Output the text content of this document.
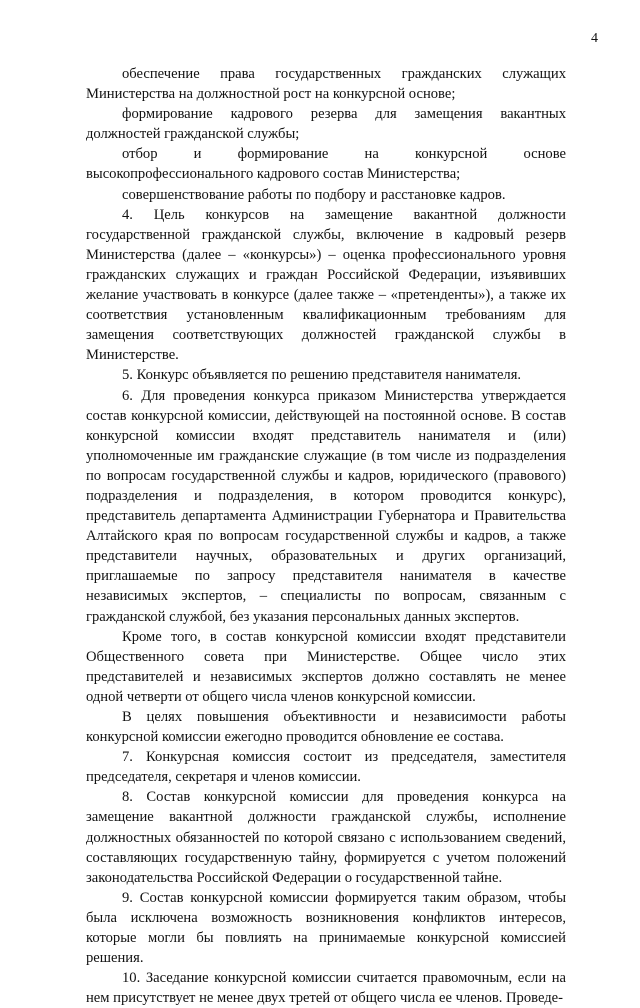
4

обеспечение права государственных гражданских служащих Министерства на должностной рост на конкурсной основе;

формирование кадрового резерва для замещения вакантных должностей гражданской службы;

отбор и формирование на конкурсной основе высокопрофессионального кадрового состав Министерства;

совершенствование работы по подбору и расстановке кадров.

4. Цель конкурсов на замещение вакантной должности государственной гражданской службы, включение в кадровый резерв Министерства (далее – «конкурсы») – оценка профессионального уровня гражданских служащих и граждан Российской Федерации, изъявивших желание участвовать в конкурсе (далее также – «претенденты»), а также их соответствия установленным квалификационным требованиям для замещения соответствующих должностей гражданской службы в Министерстве.

5. Конкурс объявляется по решению представителя нанимателя.

6. Для проведения конкурса приказом Министерства утверждается состав конкурсной комиссии, действующей на постоянной основе. В состав конкурсной комиссии входят представитель нанимателя и (или) уполномоченные им гражданские служащие (в том числе из подразделения по вопросам государственной службы и кадров, юридического (правового) подразделения и подразделения, в котором проводится конкурс), представитель департамента Администрации Губернатора и Правительства Алтайского края по вопросам государственной службы и кадров, а также представители научных, образовательных и других организаций, приглашаемые по запросу представителя нанимателя в качестве независимых экспертов, – специалисты по вопросам, связанным с гражданской службой, без указания персональных данных экспертов.

Кроме того, в состав конкурсной комиссии входят представители Общественного совета при Министерстве. Общее число этих представителей и независимых экспертов должно составлять не менее одной четверти от общего числа членов конкурсной комиссии.

В целях повышения объективности и независимости работы конкурсной комиссии ежегодно проводится обновление ее состава.

7. Конкурсная комиссия состоит из председателя, заместителя председателя, секретаря и членов комиссии.

8. Состав конкурсной комиссии для проведения конкурса на замещение вакантной должности гражданской службы, исполнение должностных обязанностей по которой связано с использованием сведений, составляющих государственную тайну, формируется с учетом положений законодательства Российской Федерации о государственной тайне.

9. Состав конкурсной комиссии формируется таким образом, чтобы была исключена возможность возникновения конфликтов интересов, которые могли бы повлиять на принимаемые конкурсной комиссией решения.

10. Заседание конкурсной комиссии считается правомочным, если на нем присутствует не менее двух третей от общего числа ее членов. Проведе-
